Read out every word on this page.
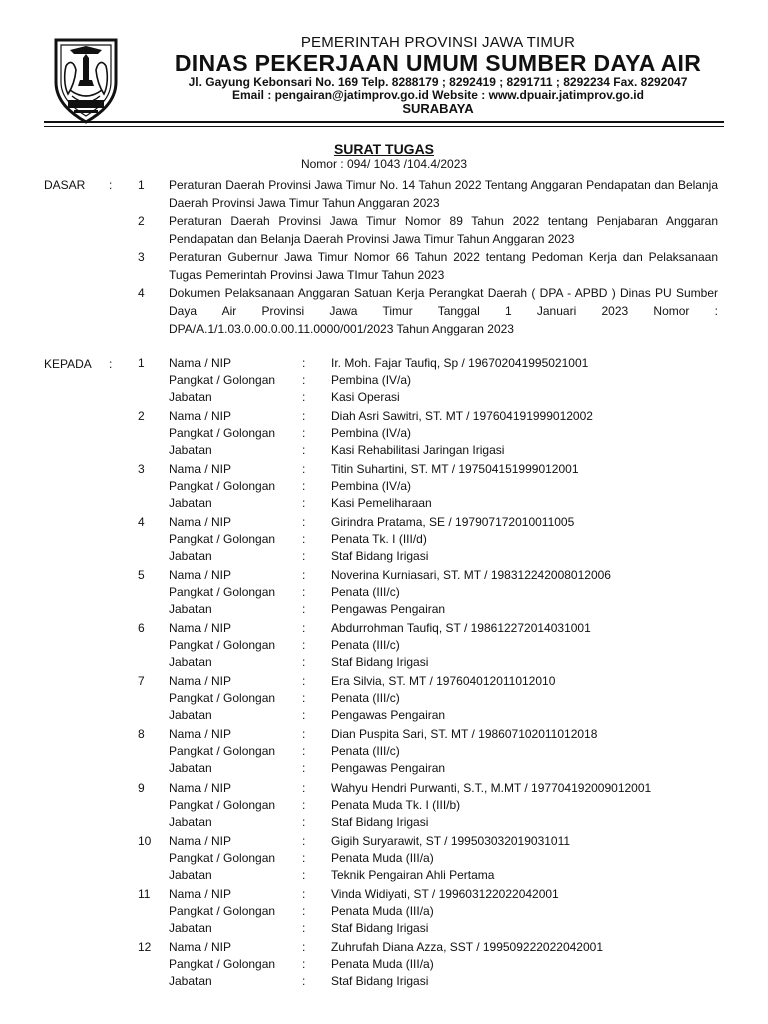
PEMERINTAH PROVINSI JAWA TIMUR
DINAS PEKERJAAN UMUM SUMBER DAYA AIR
Jl. Gayung Kebonsari No. 169 Telp. 8288179 ; 8292419 ; 8291711 ; 8292234 Fax. 8292047
Email : pengairan@jatimprov.go.id Website : www.dpuair.jatimprov.go.id
SURABAYA
SURAT TUGAS
Nomor : 094/ 1043 /104.4/2023
DASAR : 1 Peraturan Daerah Provinsi Jawa Timur No. 14 Tahun 2022 Tentang Anggaran Pendapatan dan Belanja Daerah Provinsi Jawa Timur Tahun Anggaran 2023
2 Peraturan Daerah Provinsi Jawa Timur Nomor 89 Tahun 2022 tentang Penjabaran Anggaran Pendapatan dan Belanja Daerah Provinsi Jawa Timur Tahun Anggaran 2023
3 Peraturan Gubernur Jawa Timur Nomor 66 Tahun 2022 tentang Pedoman Kerja dan Pelaksanaan Tugas Pemerintah Provinsi Jawa TImur Tahun 2023
4 Dokumen Pelaksanaan Anggaran Satuan Kerja Perangkat Daerah ( DPA - APBD ) Dinas PU Sumber Daya Air Provinsi Jawa Timur Tanggal 1 Januari 2023 Nomor : DPA/A.1/1.03.0.00.0.00.11.0000/001/2023 Tahun Anggaran 2023
KEPADA : 1 Nama / NIP	: Ir. Moh. Fajar Taufiq, Sp / 196702041995021001
Pangkat / Golongan : Pembina (IV/a)
Jabatan	: Kasi Operasi
2 Nama / NIP	: Diah Asri Sawitri, ST. MT / 197604191999012002
Pangkat / Golongan : Pembina (IV/a)
Jabatan	: Kasi Rehabilitasi Jaringan Irigasi
3 Nama / NIP	: Titin Suhartini, ST. MT / 197504151999012001
Pangkat / Golongan : Pembina (IV/a)
Jabatan	: Kasi Pemeliharaan
4 Nama / NIP	: Girindra Pratama, SE / 197907172010011005
Pangkat / Golongan : Penata Tk. I (III/d)
Jabatan	: Staf Bidang Irigasi
5 Nama / NIP	: Noverina Kurniasari, ST. MT / 198312242008012006
Pangkat / Golongan : Penata (III/c)
Jabatan	: Pengawas Pengairan
6 Nama / NIP	: Abdurrohman Taufiq, ST / 198612272014031001
Pangkat / Golongan : Penata (III/c)
Jabatan	: Staf Bidang Irigasi
7 Nama / NIP	: Era Silvia, ST. MT / 197604012011012010
Pangkat / Golongan : Penata (III/c)
Jabatan	: Pengawas Pengairan
8 Nama / NIP	: Dian Puspita Sari, ST. MT / 198607102011012018
Pangkat / Golongan : Penata (III/c)
Jabatan	: Pengawas Pengairan
9 Nama / NIP	: Wahyu Hendri Purwanti, S.T., M.MT / 197704192009012001
Pangkat / Golongan : Penata Muda Tk. I (III/b)
Jabatan	: Staf Bidang Irigasi
10 Nama / NIP	: Gigih Suryarawit, ST / 199503032019031011
Pangkat / Golongan : Penata Muda (III/a)
Jabatan	: Teknik Pengairan Ahli Pertama
11 Nama / NIP	: Vinda Widiyati, ST / 199603122022042001
Pangkat / Golongan : Penata Muda (III/a)
Jabatan	: Staf Bidang Irigasi
12 Nama / NIP	: Zuhrufah Diana Azza, SST / 199509222022042001
Pangkat / Golongan : Penata Muda (III/a)
Jabatan	: Staf Bidang Irigasi
